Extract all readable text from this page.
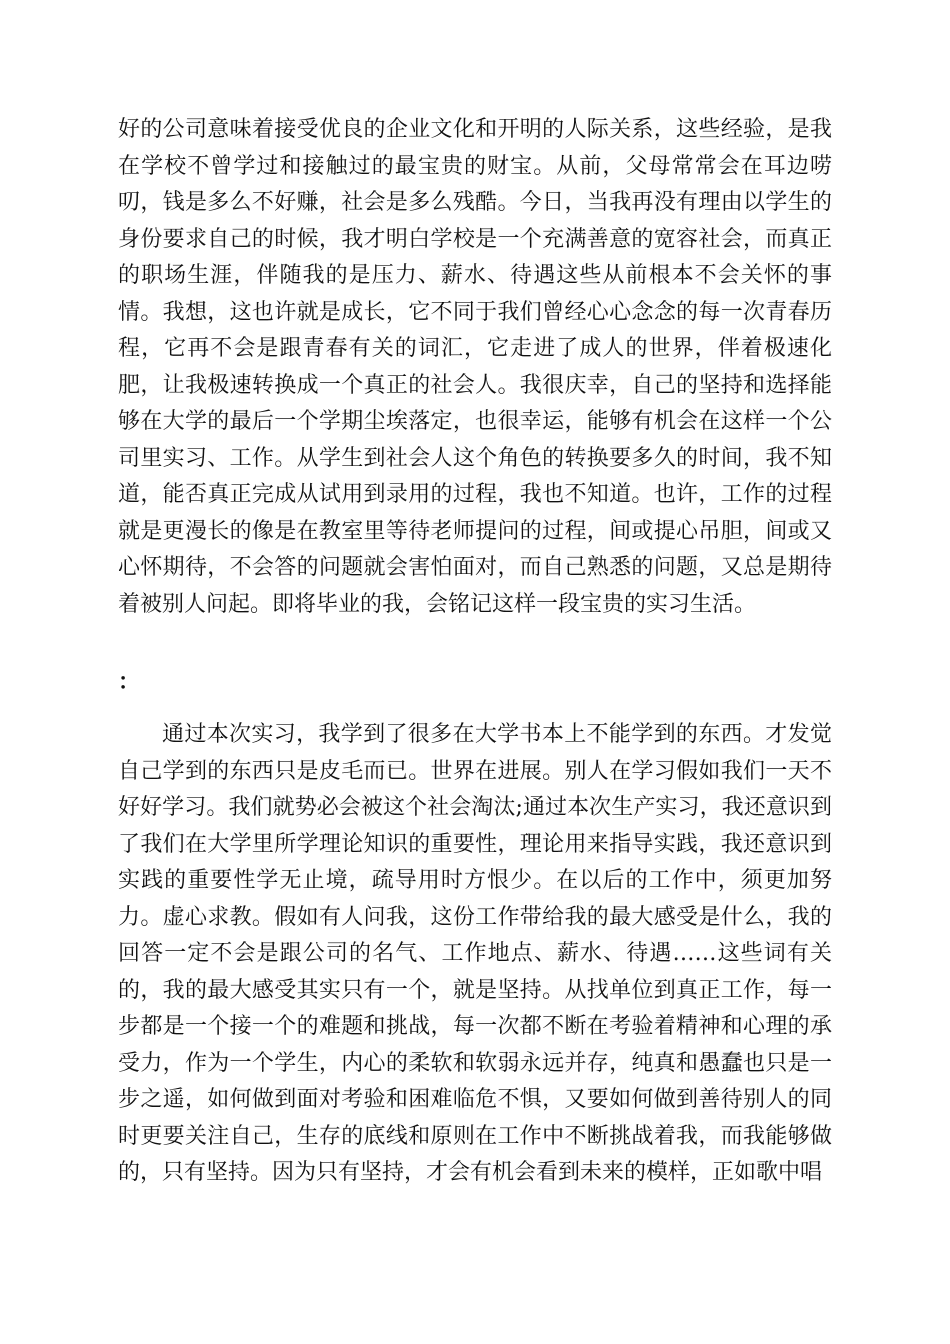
好的公司意味着接受优良的企业文化和开明的人际关系，这些经验，是我在学校不曾学过和接触过的最宝贵的财宝。从前，父母常常会在耳边唠叨，钱是多么不好赚，社会是多么残酷。今日，当我再没有理由以学生的身份要求自己的时候，我才明白学校是一个充满善意的宽容社会，而真正的职场生涯，伴随我的是压力、薪水、待遇这些从前根本不会关怀的事情。我想，这也许就是成长，它不同于我们曾经心心念念的每一次青春历程，它再不会是跟青春有关的词汇，它走进了成人的世界，伴着极速化肥，让我极速转换成一个真正的社会人。我很庆幸，自己的坚持和选择能够在大学的最后一个学期尘埃落定，也很幸运，能够有机会在这样一个公司里实习、工作。从学生到社会人这个角色的转换要多久的时间，我不知道，能否真正完成从试用到录用的过程，我也不知道。也许，工作的过程就是更漫长的像是在教室里等待老师提问的过程，间或提心吊胆，间或又心怀期待，不会答的问题就会害怕面对，而自己熟悉的问题，又总是期待着被别人问起。即将毕业的我，会铭记这样一段宝贵的实习生活。

：

通过本次实习，我学到了很多在大学书本上不能学到的东西。才发觉自己学到的东西只是皮毛而已。世界在进展。别人在学习假如我们一天不好好学习。我们就势必会被这个社会淘汰;通过本次生产实习，我还意识到了我们在大学里所学理论知识的重要性，理论用来指导实践，我还意识到实践的重要性学无止境，疏导用时方恨少。在以后的工作中，须更加努力。虚心求教。假如有人问我，这份工作带给我的最大感受是什么，我的回答一定不会是跟公司的名气、工作地点、薪水、待遇……这些词有关的，我的最大感受其实只有一个，就是坚持。从找单位到真正工作，每一步都是一个接一个的难题和挑战，每一次都不断在考验着精神和心理的承受力，作为一个学生，内心的柔软和软弱永远并存，纯真和愚蠢也只是一步之遥，如何做到面对考验和困难临危不惧，又要如何做到善待别人的同时更要关注自己，生存的底线和原则在工作中不断挑战着我，而我能够做的，只有坚持。因为只有坚持，才会有机会看到未来的模样，正如歌中唱
